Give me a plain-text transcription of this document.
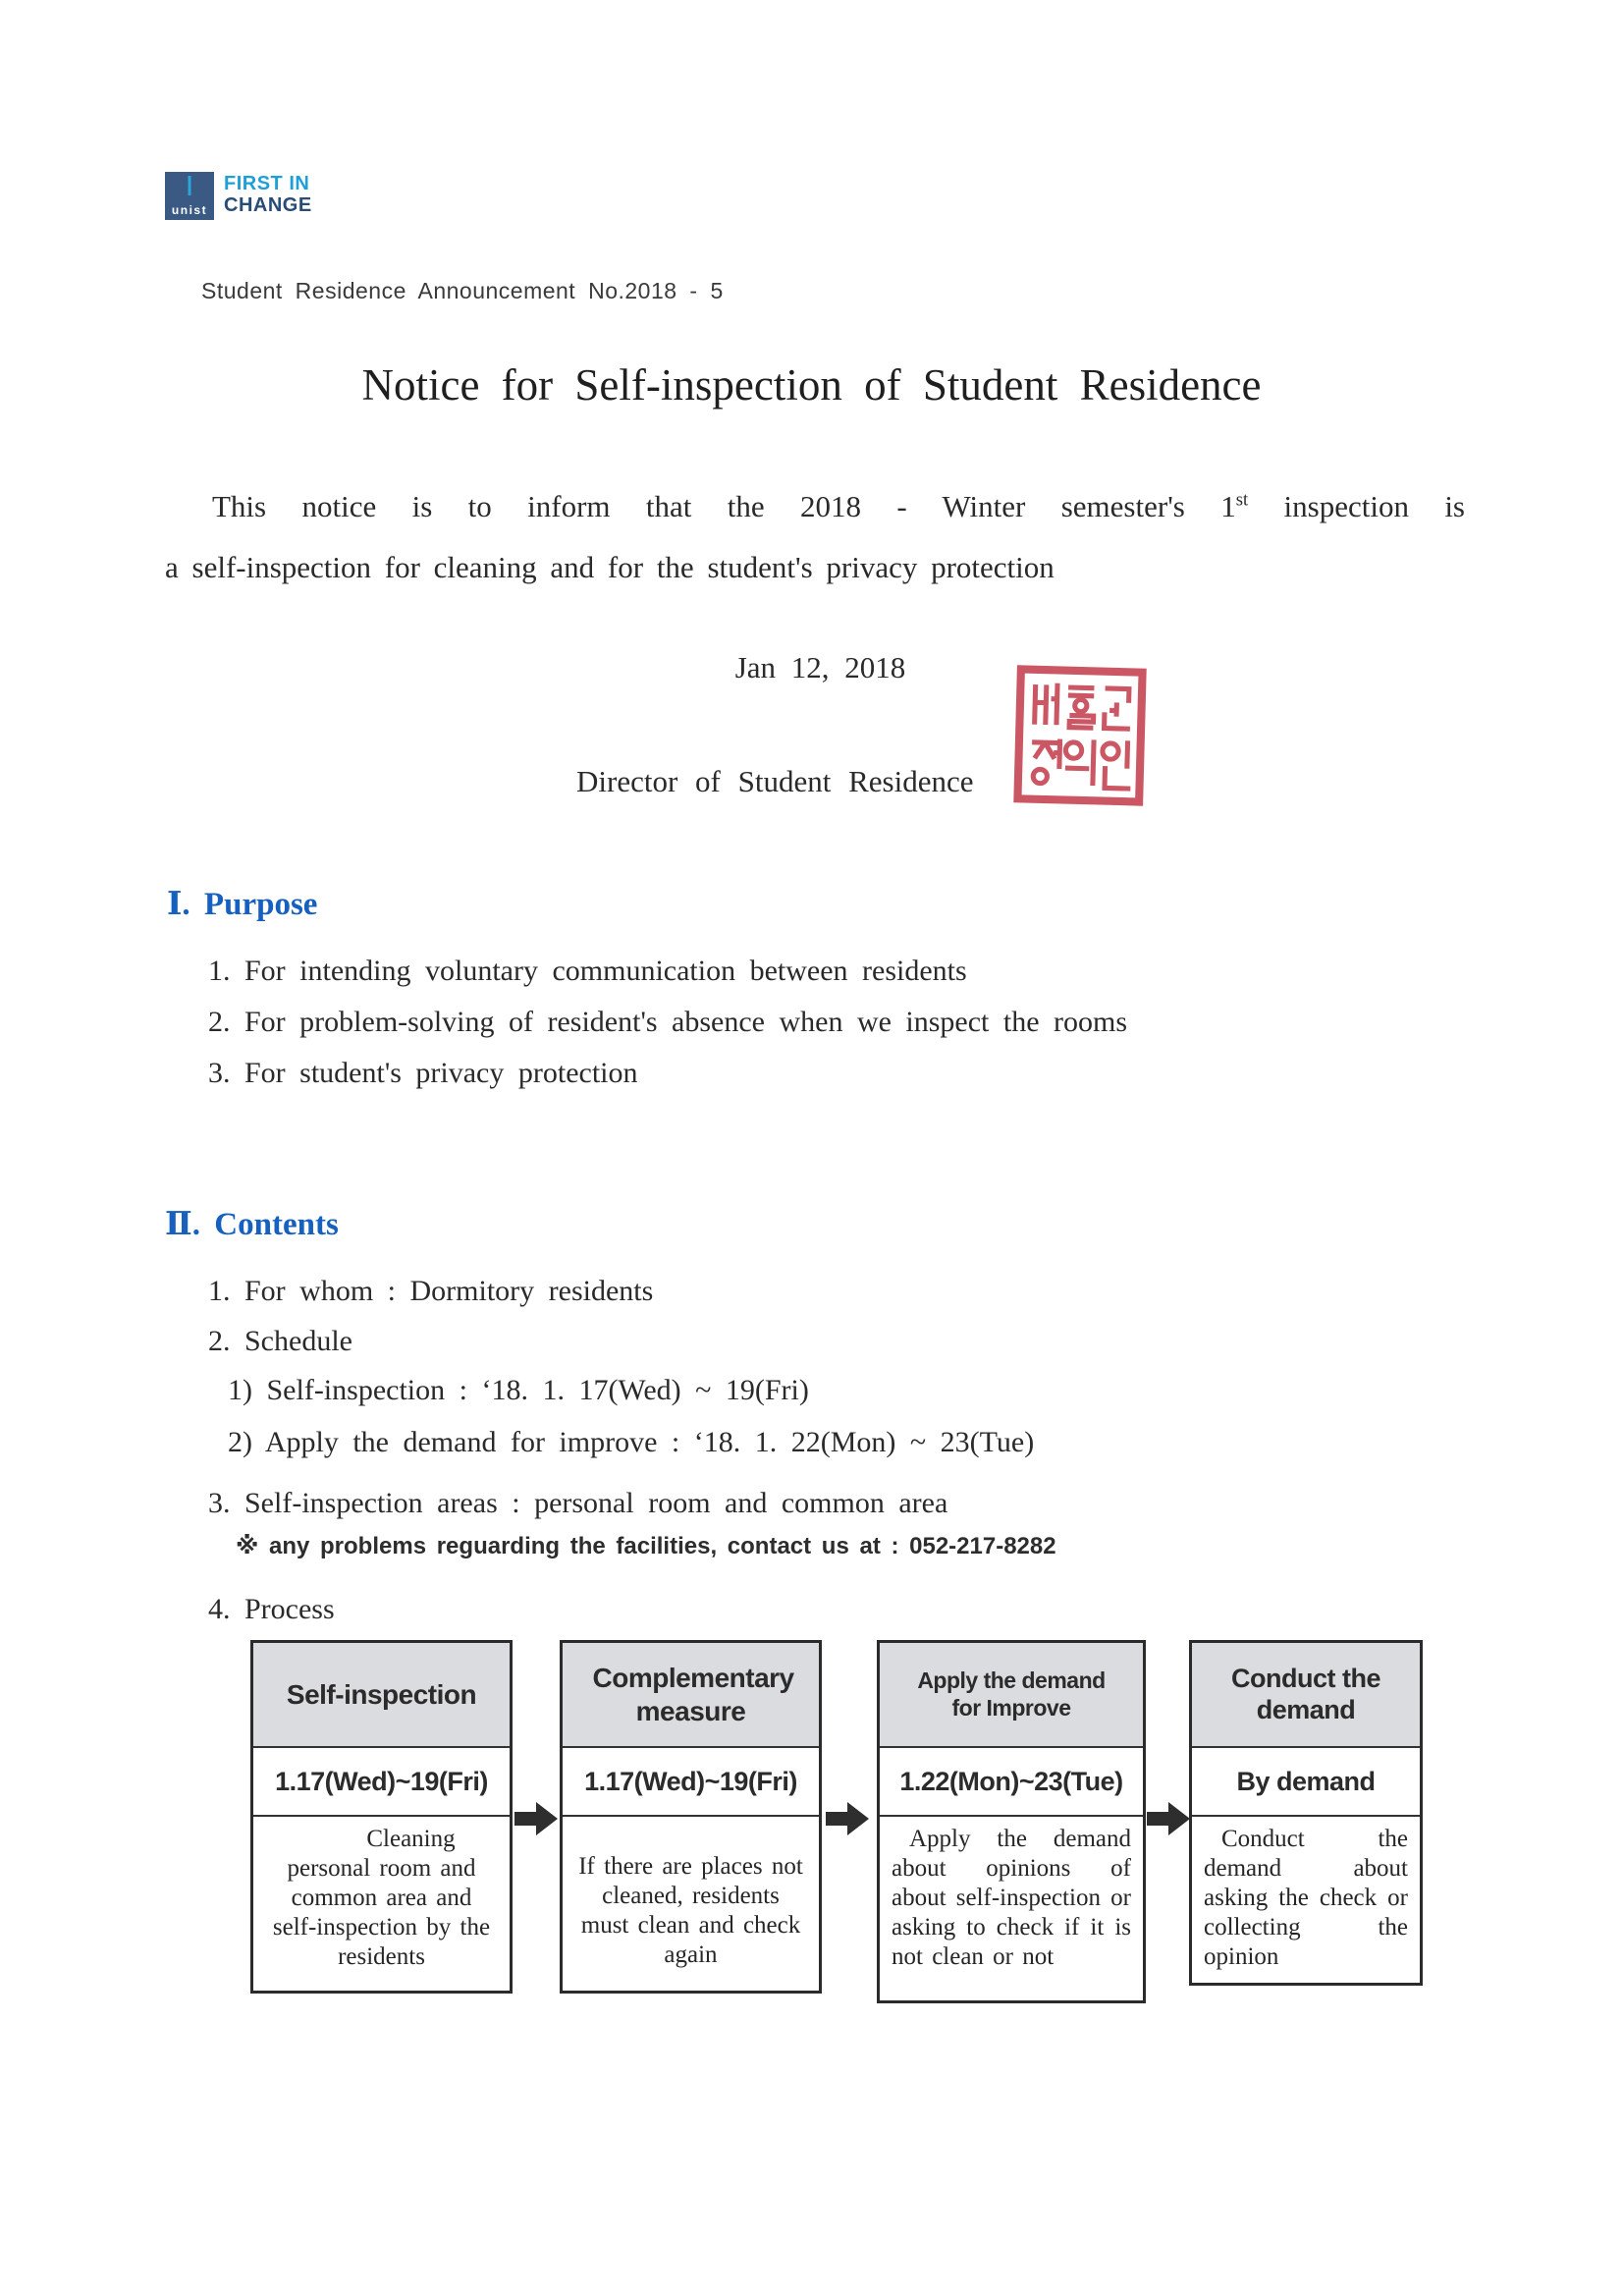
unist
FIRST IN
CHANGE
Student Residence Announcement No.2018 - 5
Notice for Self-inspection of Student Residence
This notice is to inform that the 2018 - Winter semester's 1st inspection is
a self-inspection for cleaning and for the student's privacy protection
Jan 12, 2018
Director of Student Residence
Ⅰ. Purpose
1. For intending voluntary communication between residents
2. For problem-solving of resident's absence when we inspect the rooms
3. For student's privacy protection
Ⅱ. Contents
1. For whom : Dormitory residents
2. Schedule
1) Self-inspection : ‘18. 1. 17(Wed) ~ 19(Fri)
2) Apply the demand for improve : ‘18. 1. 22(Mon) ~ 23(Tue)
3. Self-inspection areas : personal room and common area
※ any problems reguarding the facilities, contact us at : 052-217-8282
4. Process
Self-inspection
1.17(Wed)~19(Fri)
Cleaning personal room and common area and self-inspection by the residents
Complementary measure
1.17(Wed)~19(Fri)
If there are places not cleaned, residents must clean and check again
Apply the demand for Improve
1.22(Mon)~23(Tue)
Apply the demand about opinions of about self-inspection or asking to check if it is not clean or not
Conduct the demand
By demand
Conduct the demand about asking the check or collecting the opinion
